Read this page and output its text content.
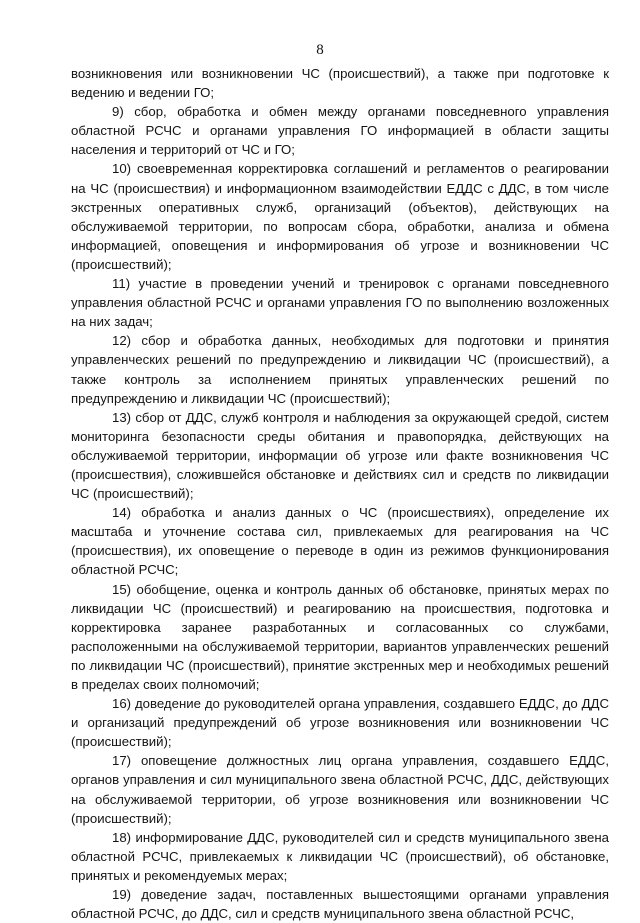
8

возникновения или возникновении ЧС (происшествий), а также при подготовке к ведению и ведении ГО;

9) сбор, обработка и обмен между органами повседневного управления областной РСЧС и органами управления ГО информацией в области защиты населения и территорий от ЧС и ГО;

10) своевременная корректировка соглашений и регламентов о реагировании на ЧС (происшествия) и информационном взаимодействии ЕДДС с ДДС, в том числе экстренных оперативных служб, организаций (объектов), действующих на обслуживаемой территории, по вопросам сбора, обработки, анализа и обмена информацией, оповещения и информирования об угрозе и возникновении ЧС (происшествий);

11) участие в проведении учений и тренировок с органами повседневного управления областной РСЧС и органами управления ГО по выполнению возложенных на них задач;

12) сбор и обработка данных, необходимых для подготовки и принятия управленческих решений по предупреждению и ликвидации ЧС (происшествий), а также контроль за исполнением принятых управленческих решений по предупреждению и ликвидации ЧС (происшествий);

13) сбор от ДДС, служб контроля и наблюдения за окружающей средой, систем мониторинга безопасности среды обитания и правопорядка, действующих на обслуживаемой территории, информации об угрозе или факте возникновения ЧС (происшествия), сложившейся обстановке и действиях сил и средств по ликвидации ЧС (происшествий);

14) обработка и анализ данных о ЧС (происшествиях), определение их масштаба и уточнение состава сил, привлекаемых для реагирования на ЧС (происшествия), их оповещение о переводе в один из режимов функционирования областной РСЧС;

15) обобщение, оценка и контроль данных об обстановке, принятых мерах по ликвидации ЧС (происшествий) и реагированию на происшествия, подготовка и корректировка заранее разработанных и согласованных со службами, расположенными на обслуживаемой территории, вариантов управленческих решений по ликвидации ЧС (происшествий), принятие экстренных мер и необходимых решений в пределах своих полномочий;

16) доведение до руководителей органа управления, создавшего ЕДДС, до ДДС и организаций предупреждений об угрозе возникновения или возникновении ЧС (происшествий);

17) оповещение должностных лиц органа управления, создавшего ЕДДС, органов управления и сил муниципального звена областной РСЧС, ДДС, действующих на обслуживаемой территории, об угрозе возникновения или возникновении ЧС (происшествий);

18) информирование ДДС, руководителей сил и средств муниципального звена областной РСЧС, привлекаемых к ликвидации ЧС (происшествий), об обстановке, принятых и рекомендуемых мерах;

19) доведение задач, поставленных вышестоящими органами управления областной РСЧС, до ДДС, сил и средств муниципального звена областной РСЧС,
